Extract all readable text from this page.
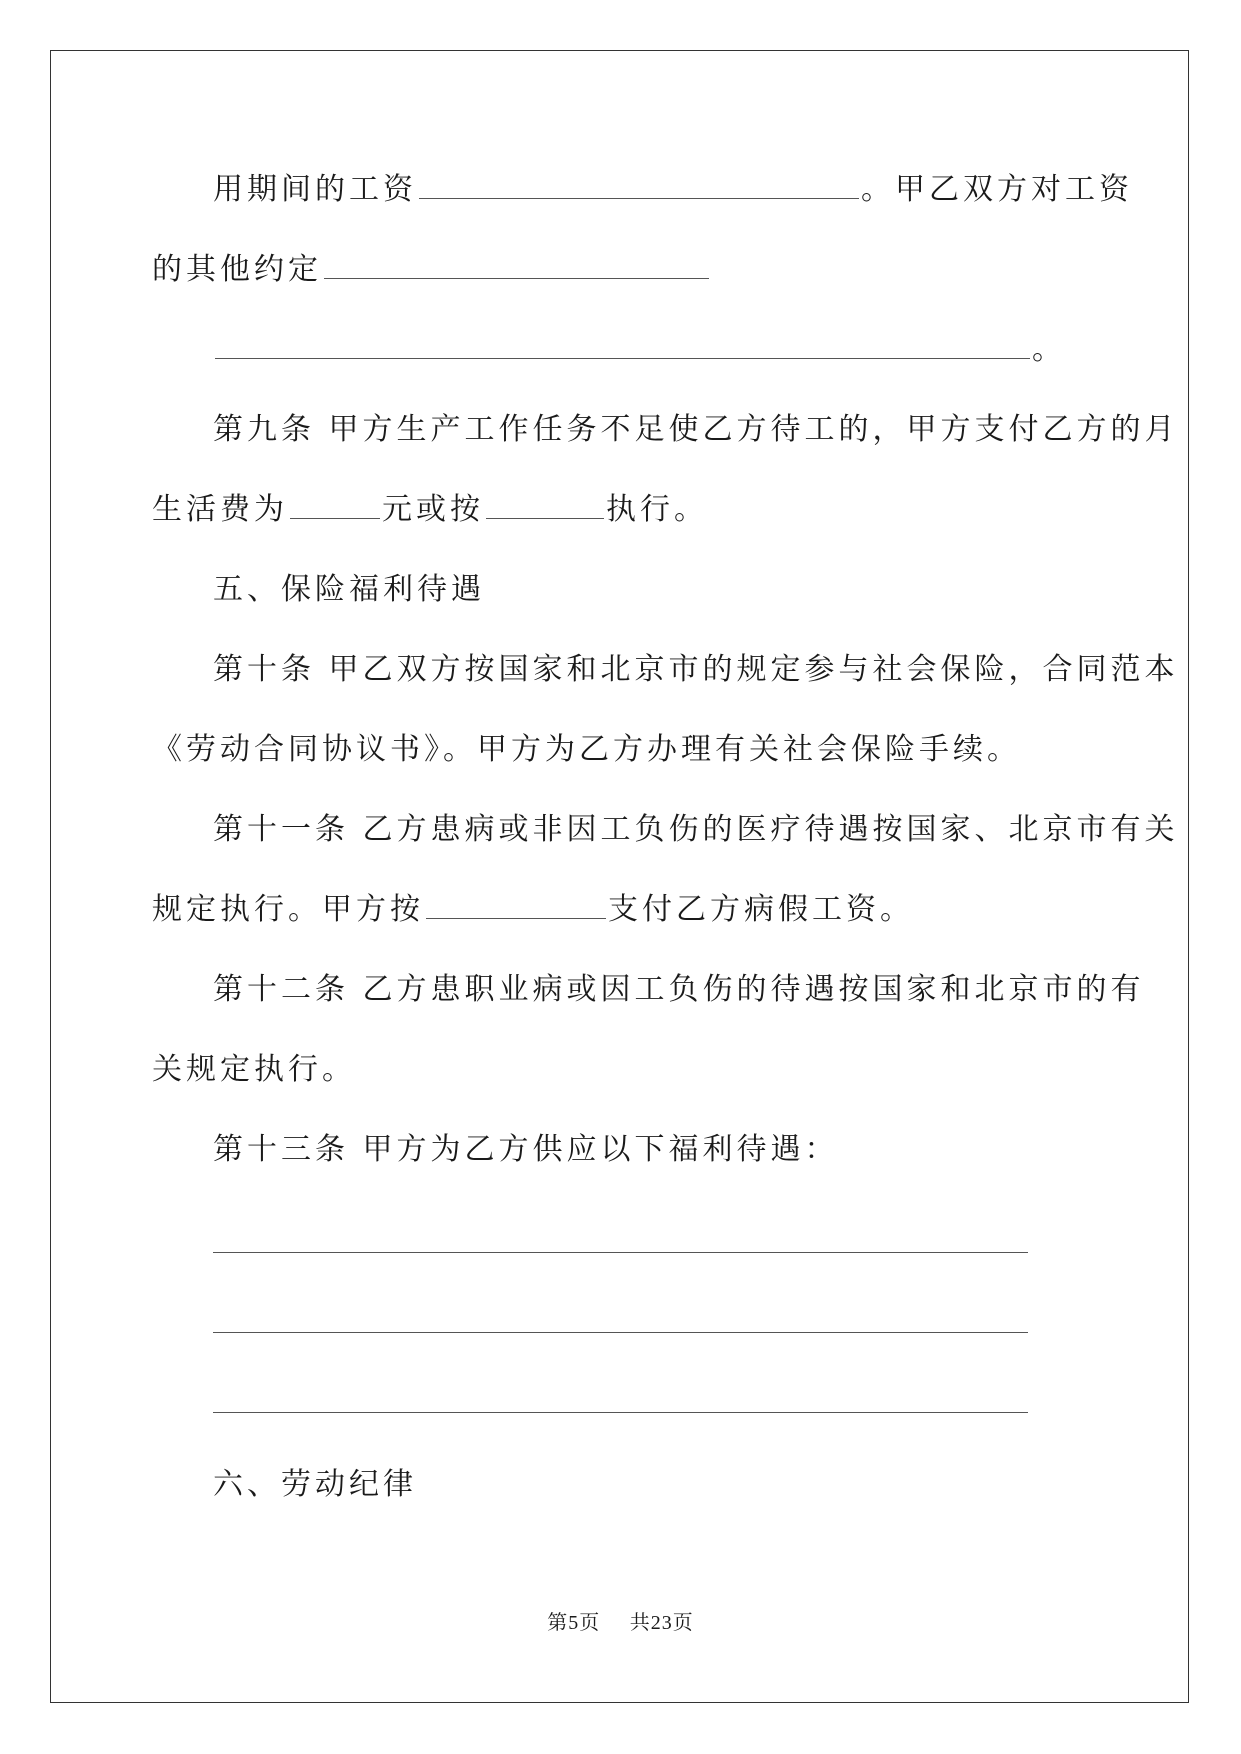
用期间的工资	。甲乙双方对工资
的其他约定
。
第九条 甲方生产工作任务不足使乙方待工的，甲方支付乙方的月
生活费为	元或按	执行。
五、保险福利待遇
第十条 甲乙双方按国家和北京市的规定参与社会保险，合同范本
《劳动合同协议书》。甲方为乙方办理有关社会保险手续。
第十一条 乙方患病或非因工负伤的医疗待遇按国家、北京市有关
规定执行。甲方按	支付乙方病假工资。
第十二条 乙方患职业病或因工负伤的待遇按国家和北京市的有
关规定执行。
第十三条 甲方为乙方供应以下福利待遇：
六、劳动纪律
第5页    共23页
